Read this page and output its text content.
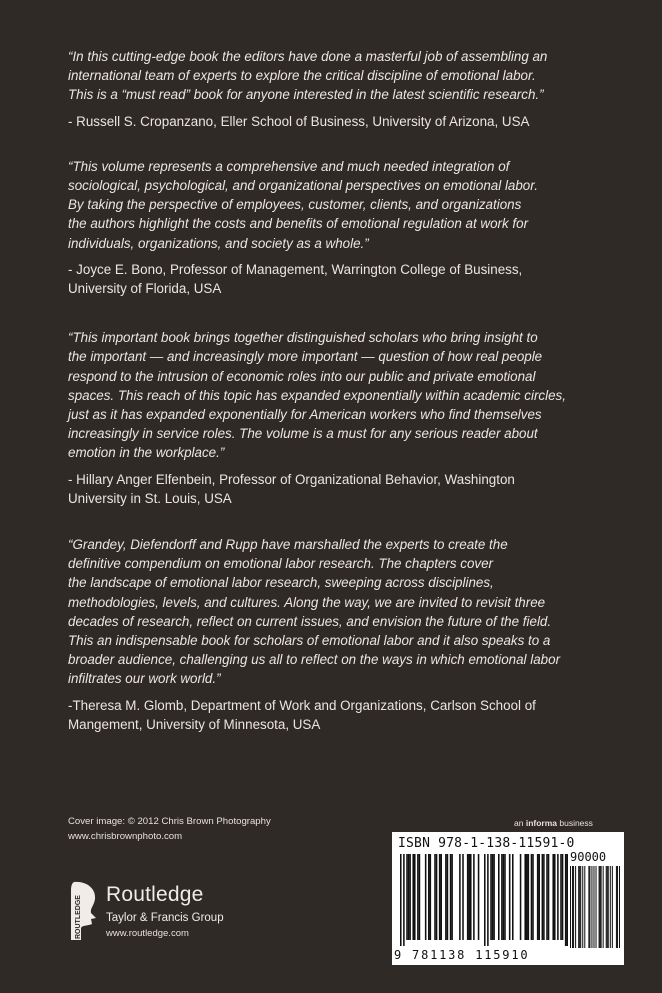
“In this cutting-edge book the editors have done a masterful job of assembling an
international team of experts to explore the critical discipline of emotional labor.
This is a “must read” book for anyone interested in the latest scientific research.”

- Russell S. Cropanzano, Eller School of Business, University of Arizona, USA

“This volume represents a comprehensive and much needed integration of
sociological, psychological, and organizational perspectives on emotional labor.
By taking the perspective of employees, customer, clients, and organizations
the authors highlight the costs and benefits of emotional regulation at work for
individuals, organizations, and society as a whole.”

- Joyce E. Bono, Professor of Management, Warrington College of Business,
University of Florida, USA

“This important book brings together distinguished scholars who bring insight to
the important — and increasingly more important — question of how real people
respond to the intrusion of economic roles into our public and private emotional
spaces. This reach of this topic has expanded exponentially within academic circles,
just as it has expanded exponentially for American workers who find themselves
increasingly in service roles. The volume is a must for any serious reader about
emotion in the workplace.”

- Hillary Anger Elfenbein, Professor of Organizational Behavior, Washington
University in St. Louis, USA

“Grandey, Diefendorff and Rupp have marshalled the experts to create the
definitive compendium on emotional labor research. The chapters cover
the landscape of emotional labor research, sweeping across disciplines,
methodologies, levels, and cultures. Along the way, we are invited to revisit three
decades of research, reflect on current issues, and envision the future of the field.
This an indispensable book for scholars of emotional labor and it also speaks to a
broader audience, challenging us all to reflect on the ways in which emotional labor
infiltrates our work world.”

-Theresa M. Glomb, Department of Work and Organizations, Carlson School of
Mangement, University of Minnesota, USA

Cover image: © 2012 Chris Brown Photography
www.chrisbrownphoto.com
ROUTLEDGE
Routledge
Taylor & Francis Group
www.routledge.com
an informa business
ISBN 978-1-138-11591-0
90000
9 781138 115910
